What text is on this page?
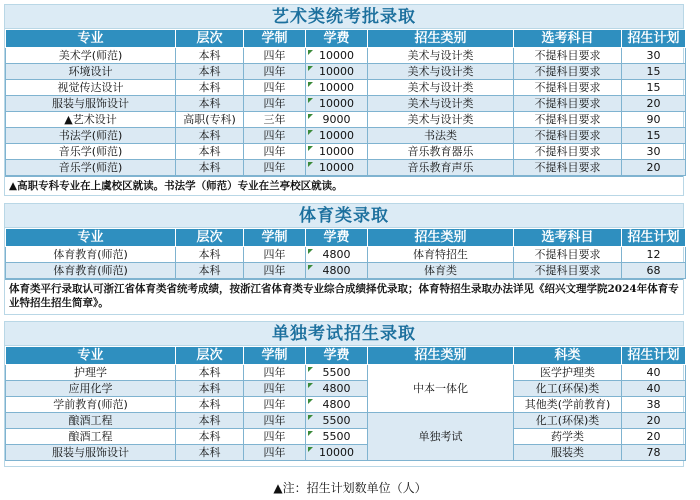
艺术类统考批录取
专业	层次	学制	学费	招生类别	选考科目	招生计划
美术学(师范)	本科	四年	10000	美术与设计类	不提科目要求	30
环境设计	本科	四年	10000	美术与设计类	不提科目要求	15
视觉传达设计	本科	四年	10000	美术与设计类	不提科目要求	15
服装与服饰设计	本科	四年	10000	美术与设计类	不提科目要求	20
▲艺术设计	高职(专科)	三年	9000	美术与设计类	不提科目要求	90
书法学(师范)	本科	四年	10000	书法类	不提科目要求	15
音乐学(师范)	本科	四年	10000	音乐教育器乐	不提科目要求	30
音乐学(师范)	本科	四年	10000	音乐教育声乐	不提科目要求	20
▲高职专科专业在上虞校区就读。书法学（师范）专业在兰亭校区就读。
体育类录取
专业	层次	学制	学费	招生类别	选考科目	招生计划
体育教育(师范)	本科	四年	4800	体育特招生	不提科目要求	12
体育教育(师范)	本科	四年	4800	体育类	不提科目要求	68
体育类平行录取认可浙江省体育类省统考成绩，按浙江省体育类专业综合成绩择优录取；体育特招生录取办法详见《绍兴文理学院2024年体育专业特招生招生简章》。
单独考试招生录取
专业	层次	学制	学费	招生类别	科类	招生计划
护理学	本科	四年	5500	中本一体化	医学护理类	40
应用化学	本科	四年	4800		化工(环保)类	40
学前教育(师范)	本科	四年	4800		其他类(学前教育)	38
酿酒工程	本科	四年	5500	单独考试	化工(环保)类	20
酿酒工程	本科	四年	5500		药学类	20
服装与服饰设计	本科	四年	10000		服装类	78
▲注：招生计划数单位（人）
